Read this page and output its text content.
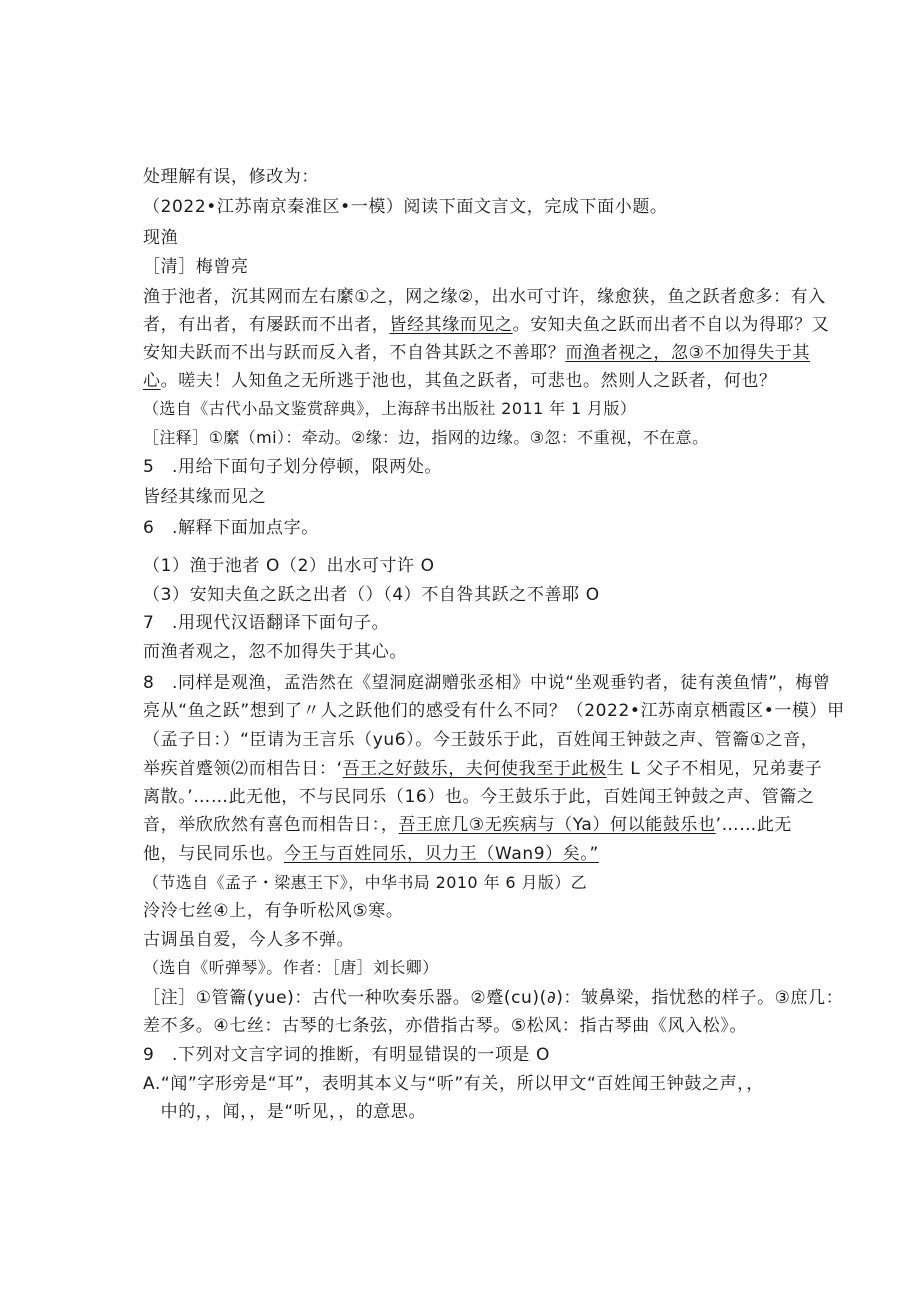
处理解有误，修改为：
（2022•江苏南京秦淮区•一模）阅读下面文言文，完成下面小题。
现渔
［清］梅曾亮
渔于池者，沉其网而左右縻①之，网之缘②，出水可寸许，缘愈狭，鱼之跃者愈多：有入
者，有出者，有屡跃而不出者，皆经其缘而见之。安知夫鱼之跃而出者不自以为得耶？又
安知夫跃而不出与跃而反入者，不自咎其跃之不善耶？而渔者视之，忽③不加得失于其
心。嗟夫！人知鱼之无所逃于池也，其鱼之跃者，可悲也。然则人之跃者，何也？
（选自《古代小品文鉴赏辞典》，上海辞书出版社 2011 年 1 月版）
［注释］①縻（mi）：牵动。②缘：边，指网的边缘。③忽：不重视，不在意。
5　.用给下面句子划分停顿，限两处。
皆经其缘而见之
6　.解释下面加点字。
（1）渔于池者 O（2）出水可寸许 O
（3）安知夫鱼之跃之出者（）（4）不自咎其跃之不善耶 O
7　.用现代汉语翻译下面句子。
而渔者观之，忽不加得失于其心。
8　.同样是观渔，孟浩然在《望洞庭湖赠张丞相》中说“坐观垂钓者，徒有羡鱼情”，梅曾
亮从“鱼之跃”想到了〃人之跃他们的感受有什么不同？（2022•江苏南京栖霞区•一模）甲
（孟子日：）“臣请为王言乐（yu6）。今王鼓乐于此，百姓闻王钟鼓之声、管籥①之音，
举疾首蹙领⑵而相告日：‘吾王之好鼓乐，夫何使我至于此极生 L 父子不相见，兄弟妻子
离散。’……此无他，不与民同乐（16）也。今王鼓乐于此，百姓闻王钟鼓之声、管籥之
音，举欣欣然有喜色而相告日：，吾王庶几③无疾病与（Ya）何以能鼓乐也’……此无
他，与民同乐也。今王与百姓同乐，贝力王（Wan9）矣。”
（节选自《孟子・梁惠王下》，中华书局 2010 年 6 月版）乙
泠泠七丝④上，有争听松风⑤寒。
古调虽自爱，今人多不弹。
（选自《听弹琴》。作者：［唐］刘长卿）
［注］①管籥(yue)：古代一种吹奏乐器。②蹙(cu)(∂)：皱鼻梁，指忧愁的样子。③庶几：
差不多。④七丝：古琴的七条弦，亦借指古琴。⑤松风：指古琴曲《风入松》。
9　.下列对文言字词的推断，有明显错误的一项是 O
A.“闻”字形旁是“耳”，表明其本义与“听”有关，所以甲文“百姓闻王钟鼓之声，，
　中的，，闻，，是“听见，，的意思。
